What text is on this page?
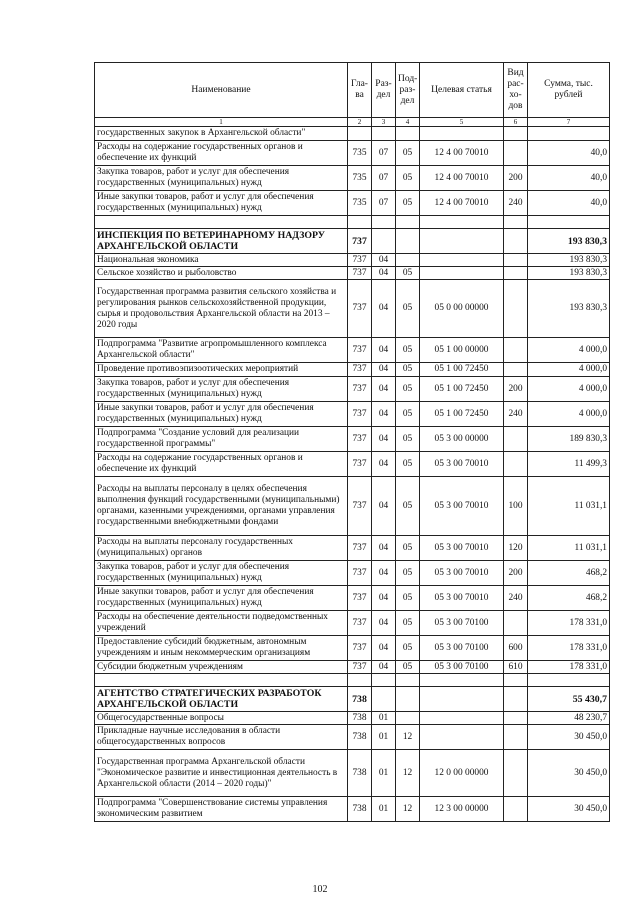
Наименование	Гла-ва	Раз-дел	Под-раз-дел	Целевая статья	Вид рас-хо-дов	Сумма, тыс. рублей
1	2	3	4	5	6	7
государственных закупок в Архангельской области"						
Расходы на содержание государственных органов и обеспечение их функций	735	07	05	12 4 00 70010		40,0
Закупка товаров, работ и услуг для обеспечения государственных (муниципальных) нужд	735	07	05	12 4 00 70010	200	40,0
Иные закупки товаров, работ и услуг для обеспечения государственных (муниципальных) нужд	735	07	05	12 4 00 70010	240	40,0

ИНСПЕКЦИЯ ПО ВЕТЕРИНАРНОМУ НАДЗОРУ АРХАНГЕЛЬСКОЙ ОБЛАСТИ	737					193 830,3
Национальная экономика	737	04				193 830,3
Сельское хозяйство и рыболовство	737	04	05			193 830,3
Государственная программа развития сельского хозяйства и регулирования рынков сельскохозяйственной продукции, сырья и продовольствия Архангельской области на 2013 – 2020 годы	737	04	05	05 0 00 00000		193 830,3
Подпрограмма "Развитие агропромышленного комплекса Архангельской области"	737	04	05	05 1 00 00000		4 000,0
Проведение противоэпизоотических мероприятий	737	04	05	05 1 00 72450		4 000,0
Закупка товаров, работ и услуг для обеспечения государственных (муниципальных) нужд	737	04	05	05 1 00 72450	200	4 000,0
Иные закупки товаров, работ и услуг для обеспечения государственных (муниципальных) нужд	737	04	05	05 1 00 72450	240	4 000,0
Подпрограмма "Создание условий для реализации государственной программы"	737	04	05	05 3 00 00000		189 830,3
Расходы на содержание государственных органов и обеспечение их функций	737	04	05	05 3 00 70010		11 499,3
Расходы на выплаты персоналу в целях обеспечения выполнения функций государственными (муниципальными) органами, казенными учреждениями, органами управления государственными внебюджетными фондами	737	04	05	05 3 00 70010	100	11 031,1
Расходы на выплаты персоналу государственных (муниципальных) органов	737	04	05	05 3 00 70010	120	11 031,1
Закупка товаров, работ и услуг для обеспечения государственных (муниципальных) нужд	737	04	05	05 3 00 70010	200	468,2
Иные закупки товаров, работ и услуг для обеспечения государственных (муниципальных) нужд	737	04	05	05 3 00 70010	240	468,2
Расходы на обеспечение деятельности подведомственных учреждений	737	04	05	05 3 00 70100		178 331,0
Предоставление субсидий бюджетным, автономным учреждениям и иным некоммерческим организациям	737	04	05	05 3 00 70100	600	178 331,0
Субсидии бюджетным учреждениям	737	04	05	05 3 00 70100	610	178 331,0

АГЕНТСТВО СТРАТЕГИЧЕСКИХ РАЗРАБОТОК АРХАНГЕЛЬСКОЙ ОБЛАСТИ	738					55 430,7
Общегосударственные вопросы	738	01				48 230,7
Прикладные научные исследования в области общегосударственных вопросов	738	01	12			30 450,0
Государственная программа Архангельской области "Экономическое развитие и инвестиционная деятельность в Архангельской области (2014 – 2020 годы)"	738	01	12	12 0 00 00000		30 450,0
Подпрограмма "Совершенствование системы управления экономическим развитием	738	01	12	12 3 00 00000		30 450,0
102
